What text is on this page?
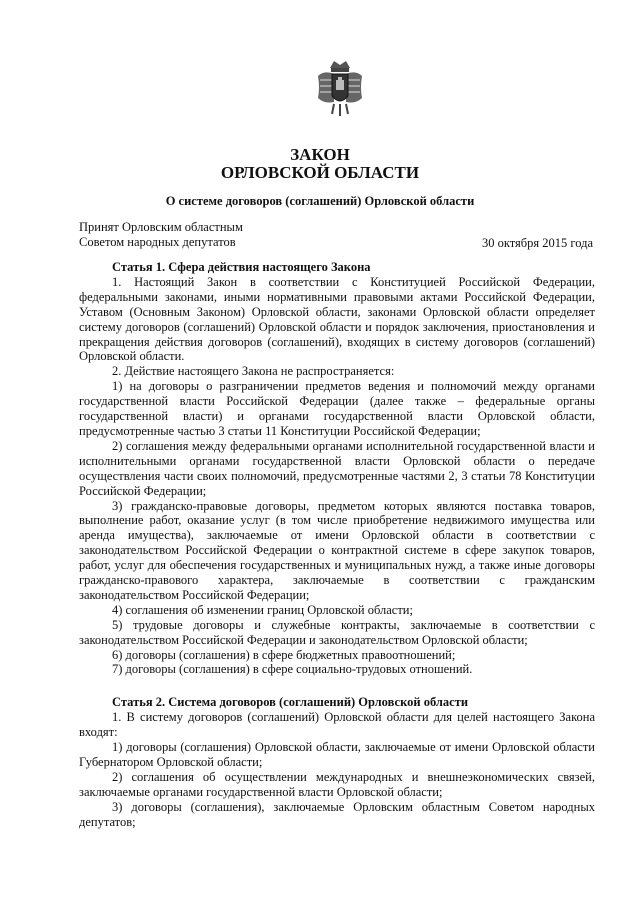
ЗАКОН
ОРЛОВСКОЙ ОБЛАСТИ
О системе договоров (соглашений) Орловской области
Принят Орловским областным
Советом народных депутатов	30 октября 2015 года
Статья 1. Сфера действия настоящего Закона

1. Настоящий Закон в соответствии с Конституцией Российской Федерации, федеральными законами, иными нормативными правовыми актами Российской Федерации, Уставом (Основным Законом) Орловской области, законами Орловской области определяет систему договоров (соглашений) Орловской области и порядок заключения, приостановления и прекращения действия договоров (соглашений), входящих в систему договоров (соглашений) Орловской области.

2. Действие настоящего Закона не распространяется:

1) на договоры о разграничении предметов ведения и полномочий между органами государственной власти Российской Федерации (далее также – федеральные органы государственной власти) и органами государственной власти Орловской области, предусмотренные частью 3 статьи 11 Конституции Российской Федерации;

2) соглашения между федеральными органами исполнительной государственной власти и исполнительными органами государственной власти Орловской области о передаче осуществления части своих полномочий, предусмотренные частями 2, 3 статьи 78 Конституции Российской Федерации;

3) гражданско-правовые договоры, предметом которых являются поставка товаров, выполнение работ, оказание услуг (в том числе приобретение недвижимого имущества или аренда имущества), заключаемые от имени Орловской области в соответствии с законодательством Российской Федерации о контрактной системе в сфере закупок товаров, работ, услуг для обеспечения государственных и муниципальных нужд, а также иные договоры гражданско-правового характера, заключаемые в соответствии с гражданским законодательством Российской Федерации;

4) соглашения об изменении границ Орловской области;

5) трудовые договоры и служебные контракты, заключаемые в соответствии с законодательством Российской Федерации и законодательством Орловской области;

6) договоры (соглашения) в сфере бюджетных правоотношений;

7) договоры (соглашения) в сфере социально-трудовых отношений.

Статья 2. Система договоров (соглашений) Орловской области

1. В систему договоров (соглашений) Орловской области для целей настоящего Закона входят:

1) договоры (соглашения) Орловской области, заключаемые от имени Орловской области Губернатором Орловской области;

2) соглашения об осуществлении международных и внешнеэкономических связей, заключаемые органами государственной власти Орловской области;

3) договоры (соглашения), заключаемые Орловским областным Советом народных депутатов;
